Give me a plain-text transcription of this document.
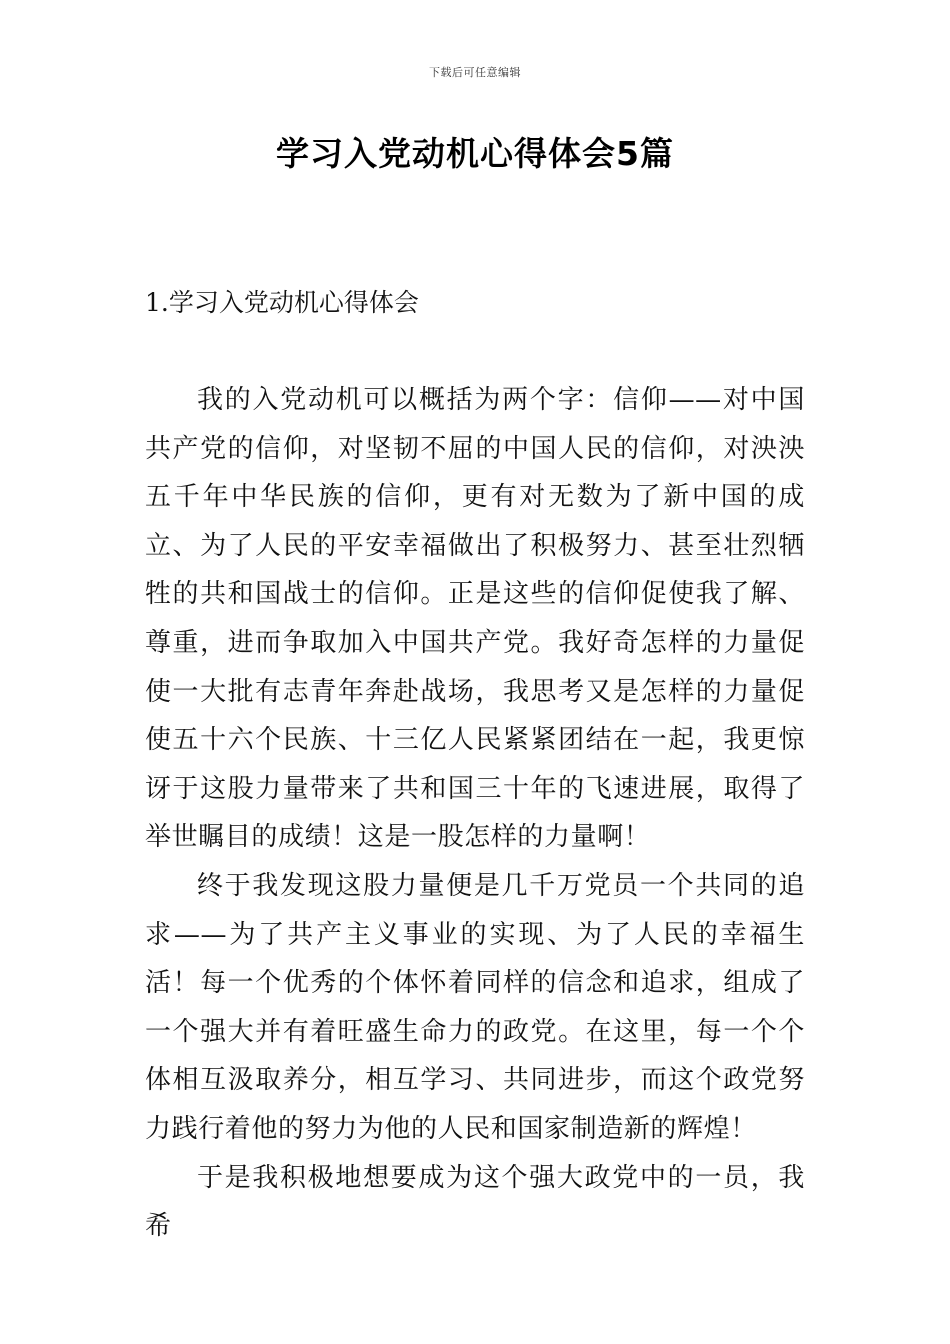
下载后可任意编辑
学习入党动机心得体会5篇
1.学习入党动机心得体会

我的入党动机可以概括为两个字：信仰——对中国共产党的信仰，对坚韧不屈的中国人民的信仰，对泱泱五千年中华民族的信仰，更有对无数为了新中国的成立、为了人民的平安幸福做出了积极努力、甚至壮烈牺牲的共和国战士的信仰。正是这些的信仰促使我了解、尊重，进而争取加入中国共产党。我好奇怎样的力量促使一大批有志青年奔赴战场，我思考又是怎样的力量促使五十六个民族、十三亿人民紧紧团结在一起，我更惊讶于这股力量带来了共和国三十年的飞速进展，取得了举世瞩目的成绩！这是一股怎样的力量啊！

终于我发现这股力量便是几千万党员一个共同的追求——为了共产主义事业的实现、为了人民的幸福生活！每一个优秀的个体怀着同样的信念和追求，组成了一个强大并有着旺盛生命力的政党。在这里，每一个个体相互汲取养分，相互学习、共同进步，而这个政党努力践行着他的努力为他的人民和国家制造新的辉煌！

于是我积极地想要成为这个强大政党中的一员，我希
